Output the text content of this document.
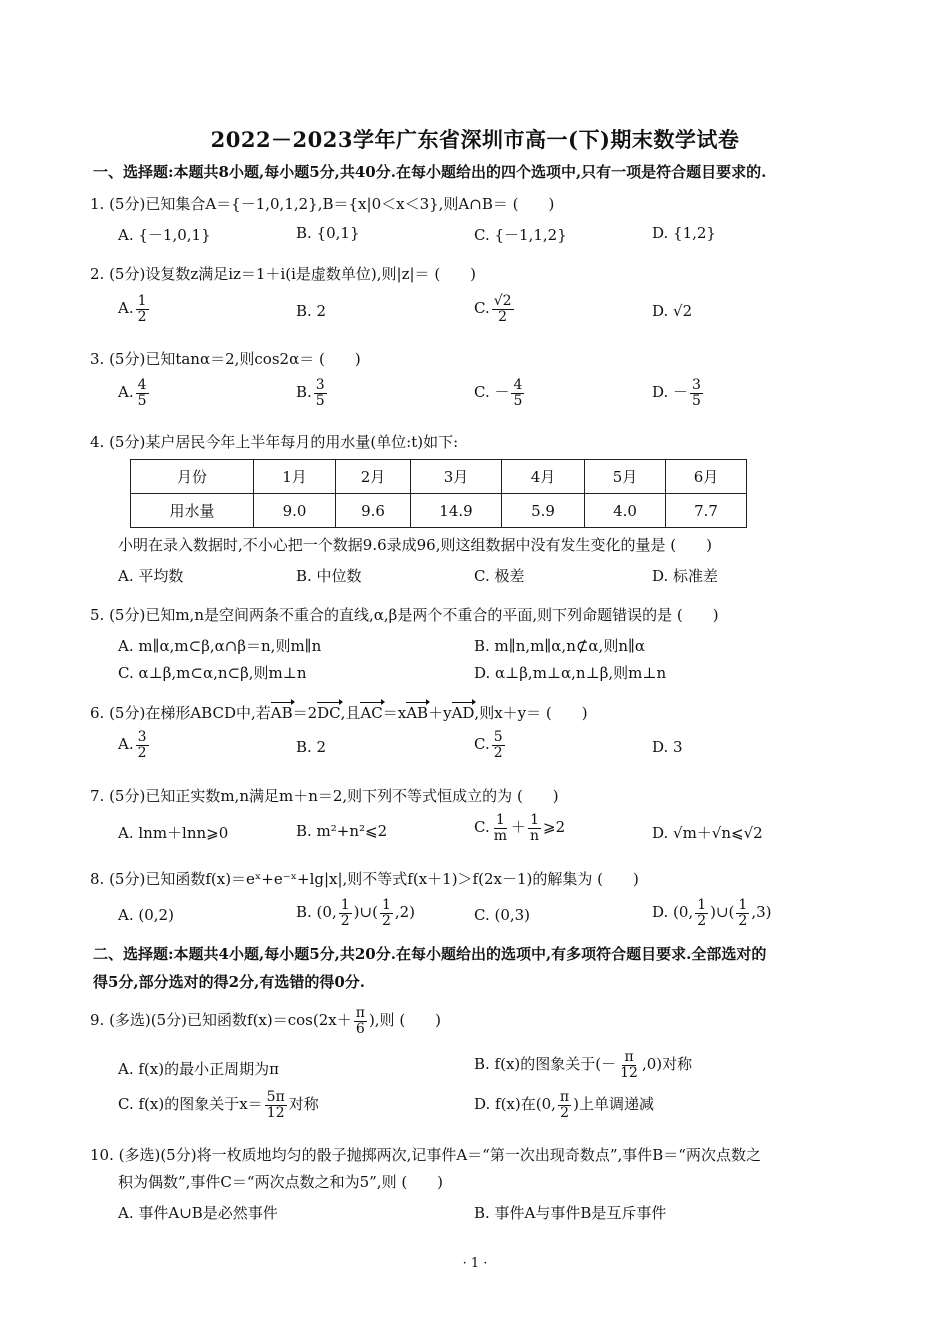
2022－2023学年广东省深圳市高一(下)期末数学试卷
一、选择题:本题共8小题,每小题5分,共40分.在每小题给出的四个选项中,只有一项是符合题目要求的.
1. (5分)已知集合A＝{－1,0,1,2},B＝{x|0＜x＜3},则A∩B＝ (　　)
A. {－1,0,1}	B. {0,1}	C. {－1,1,2}	D. {1,2}
2. (5分)设复数z满足iz＝1＋i(i是虚数单位),则|z|＝ (　　)
A. $\frac{1}{2}$	B. 2	C. $\frac{√2}{2}$	D. √2
3. (5分)已知tanα＝2,则cos2α＝ (　　)
A. $\frac{4}{5}$	B. $\frac{3}{5}$	C. － $\frac{4}{5}$	D. － $\frac{3}{5}$
4. (5分)某户居民今年上半年每月的用水量(单位:t)如下:
月份	1月	2月	3月	4月	5月	6月
用水量	9.0	9.6	14.9	5.9	4.0	7.7
小明在录入数据时,不小心把一个数据9.6录成96,则这组数据中没有发生变化的量是 (　　)
A. 平均数	B. 中位数	C. 极差	D. 标准差
5. (5分)已知m,n是空间两条不重合的直线,α,β是两个不重合的平面,则下列命题错误的是 (　　)
A. m∥α,m⊂β,α∩β＝n,则m∥n	B. m∥n,m∥α,n⊄α,则n∥α
C. α⊥β,m⊂α,n⊂β,则m⊥n	D. α⊥β,m⊥α,n⊥β,则m⊥n
6. (5分)在梯形ABCD中,若AB＝2DC,且AC＝xAB＋yAD,则x＋y＝ (　　)
A. $\frac{3}{2}$	B. 2	C. $\frac{5}{2}$	D. 3
7. (5分)已知正实数m,n满足m＋n＝2,则下列不等式恒成立的为 (　　)
A. lnm＋lnn⩾0	B. m²+n²⩽2	C. $\frac{1}{m} + \frac{1}{n}$ ⩾2	D. √m＋√n⩽√2
8. (5分)已知函数f(x)＝eˣ+e⁻ˣ+lg|x|,则不等式f(x＋1)＞f(2x－1)的解集为 (　　)
A. (0,2)	B. (0, $\frac{1}{2}$ )∪( $\frac{1}{2} ,2$)	C. (0,3)	D. (0, $\frac{1}{2}$ )∪( $\frac{1}{2} ,3$)
二、选择题:本题共4小题,每小题5分,共20分.在每小题给出的选项中,有多项符合题目要求.全部选对的
得5分,部分选对的得2分,有选错的得0分.
9. (多选)(5分)已知函数$f(x)=\cos(2x+ \frac{\pi}{6}$ ),则 (　　)
A. f(x)的最小正周期为π	B. f(x)的图象关于(－ $\frac{\pi}{12} ,0$)对称
C. f(x)的图象关于$x= \frac{5\pi}{12}$ 对称	D. f(x)在(0, $\frac{\pi}{2}$ )上单调递减
10. (多选)(5分)将一枚质地均匀的骰子抛掷两次,记事件A＝“第一次出现奇数点”,事件B＝“两次点数之
积为偶数”,事件C＝“两次点数之和为5”,则 (　　)
A. 事件A∪B是必然事件	B. 事件A与事件B是互斥事件
· 1 ·
